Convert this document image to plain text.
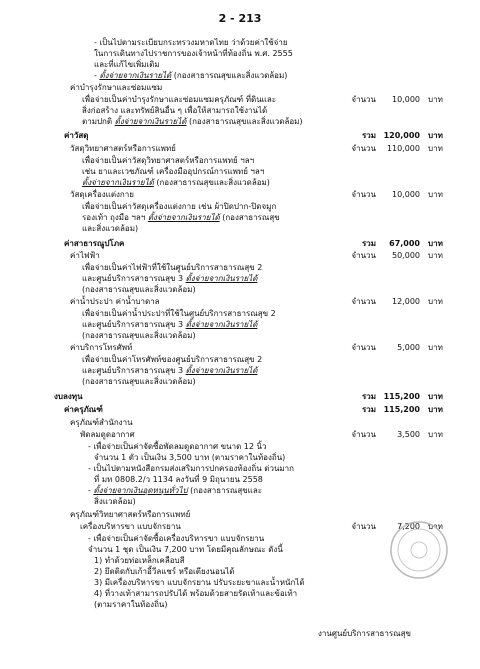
2 - 213
- เป็นไปตามระเบียบกระทรวงมหาดไทย ว่าด้วยค่าใช้จ่าย
ในการเดินทางไปราชการของเจ้าหน้าที่ท้องถิ่น พ.ศ. 2555
และที่แก้ไขเพิ่มเติม
- ตั้งจ่ายจากเงินรายได้ (กองสาธารณสุขและสิ่งแวดล้อม)
ค่าบำรุงรักษาและซ่อมแซม
เพื่อจ่ายเป็นค่าบำรุงรักษาและซ่อมแซมครุภัณฑ์ ที่ดินและ
สิ่งก่อสร้าง และทรัพย์สินอื่น ๆ เพื่อให้สามารถใช้งานได้
ตามปกติ ตั้งจ่ายจากเงินรายได้ (กองสาธารณสุขและสิ่งแวดล้อม)
จำนวน	10,000 บาท
ค่าวัสดุ	รวม 120,000 บาท
วัสดุวิทยาศาสตร์หรือการแพทย์	จำนวน	110,000 บาท
เพื่อจ่ายเป็นค่าวัสดุวิทยาศาสตร์หรือการแพทย์ ฯลฯ
เช่น ยาและเวชภัณฑ์ เครื่องมืออุปกรณ์การแพทย์ ฯลฯ
ตั้งจ่ายจากเงินรายได้ (กองสาธารณสุขและสิ่งแวดล้อม)
วัสดุเครื่องแต่งกาย
เพื่อจ่ายเป็นค่าวัสดุเครื่องแต่งกาย เช่น ผ้าปิดปาก-ปิดจมูก
รองเท้า ถุงมือ ฯลฯ ตั้งจ่ายจากเงินรายได้ (กองสาธารณสุข
และสิ่งแวดล้อม)
จำนวน	10,000 บาท
ค่าสาธารณูปโภค	รวม	67,000 บาท
ค่าไฟฟ้า	จำนวน	50,000 บาท
เพื่อจ่ายเป็นค่าไฟฟ้าที่ใช้ในศูนย์บริการสาธารณสุข 2
และศูนย์บริการสาธารณสุข 3 ตั้งจ่ายจากเงินรายได้
(กองสาธารณสุขและสิ่งแวดล้อม)
ค่าน้ำประปา ค่าน้ำบาดาล	จำนวน	12,000 บาท
เพื่อจ่ายเป็นค่าน้ำประปาที่ใช้ในศูนย์บริการสาธารณสุข 2
และศูนย์บริการสาธารณสุข 3 ตั้งจ่ายจากเงินรายได้
(กองสาธารณสุขและสิ่งแวดล้อม)
ค่าบริการโทรศัพท์	จำนวน	5,000 บาท
เพื่อจ่ายเป็นค่าโทรศัพท์ของศูนย์บริการสาธารณสุข 2
และศูนย์บริการสาธารณสุข 3 ตั้งจ่ายจากเงินรายได้
(กองสาธารณสุขและสิ่งแวดล้อม)
งบลงทุน	รวม 115,200 บาท
ค่าครุภัณฑ์	รวม 115,200 บาท
ครุภัณฑ์สำนักงาน
พัดลมดูดอากาศ	จำนวน	3,500 บาท
- เพื่อจ่ายเป็นค่าจัดซื้อพัดลมดูดอากาศ ขนาด 12 นิ้ว
จำนวน 1 ตัว เป็นเงิน 3,500 บาท (ตามราคาในท้องถิ่น)
- เป็นไปตามหนังสือกรมส่งเสริมการปกครองท้องถิ่น ด่วนมาก
ที่ มท 0808.2/ว 1134 ลงวันที่ 9 มิถุนายน 2558
- ตั้งจ่ายจากเงินอุดหนุนทั่วไป (กองสาธารณสุขและ
สิ่งแวดล้อม)
ครุภัณฑ์วิทยาศาสตร์หรือการแพทย์
เครื่องบริหารขา แบบจักรยาน	จำนวน	7,200 บาท
- เพื่อจ่ายเป็นค่าจัดซื้อเครื่องบริหารขา แบบจักรยาน
จำนวน 1 ชุด เป็นเงิน 7,200 บาท โดยมีคุณลักษณะ ดังนี้
1) ทำด้วยท่อเหล็กเคลือบสี
2) ยึดติดกับเก้าอี้วีลแชร์ หรือเตียงนอนได้
3) มีเครื่องบริหารขา แบบจักรยาน ปรับระยะขาและน้ำหนักได้
4) ที่วางเท้าสามารถปรับได้ พร้อมด้วยสายรัดเท้าและข้อเท้า
(ตามราคาในท้องถิ่น)
งานศูนย์บริการสาธารณสุข
